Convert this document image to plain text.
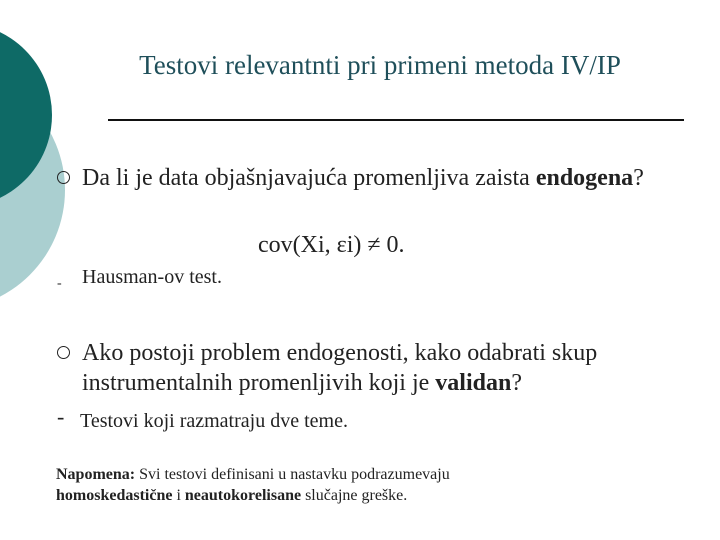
Testovi relevantnti pri primeni metoda IV/IP
Da li je data objašnjavajuća promenljiva zaista endogena?
cov(Xi, εi) ≠ 0.
- Hausman-ov test.
Ako postoji problem endogenosti, kako odabrati skup instrumentalnih promenljivih koji je validan?
- Testovi koji razmatraju dve teme.
Napomena: Svi testovi definisani u nastavku podrazumevaju
homoskedastične i neautokorelisane slučajne greške.
